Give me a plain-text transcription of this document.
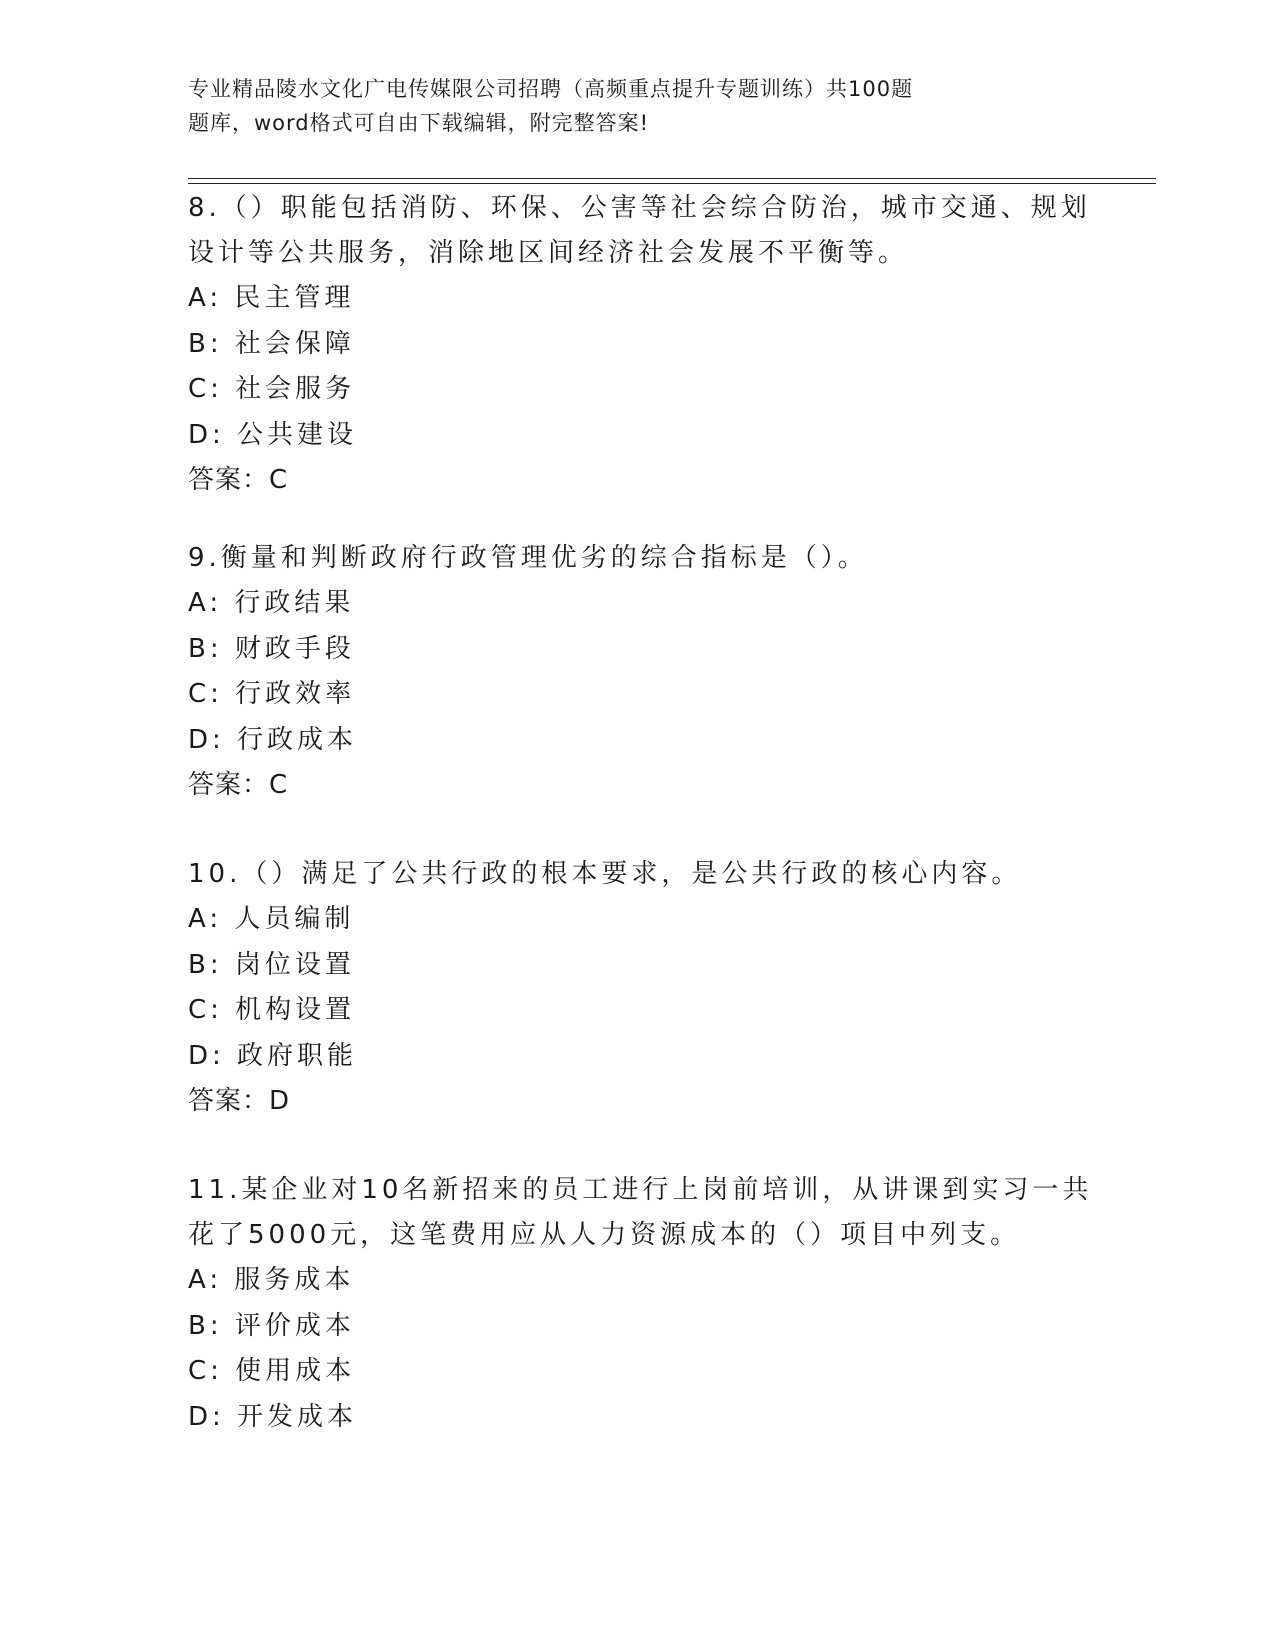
专业精品陵水文化广电传媒限公司招聘（高频重点提升专题训练）共100题
题库，word格式可自由下载编辑，附完整答案!
8.（）职能包括消防、环保、公害等社会综合防治，城市交通、规划
设计等公共服务，消除地区间经济社会发展不平衡等。
A: 民主管理
B: 社会保障
C: 社会服务
D: 公共建设
答案：C
9.衡量和判断政府行政管理优劣的综合指标是（）。
A: 行政结果
B: 财政手段
C: 行政效率
D: 行政成本
答案：C
10.（）满足了公共行政的根本要求，是公共行政的核心内容。
A: 人员编制
B: 岗位设置
C: 机构设置
D: 政府职能
答案：D
11.某企业对10名新招来的员工进行上岗前培训，从讲课到实习一共
花了5000元，这笔费用应从人力资源成本的（）项目中列支。
A: 服务成本
B: 评价成本
C: 使用成本
D: 开发成本
